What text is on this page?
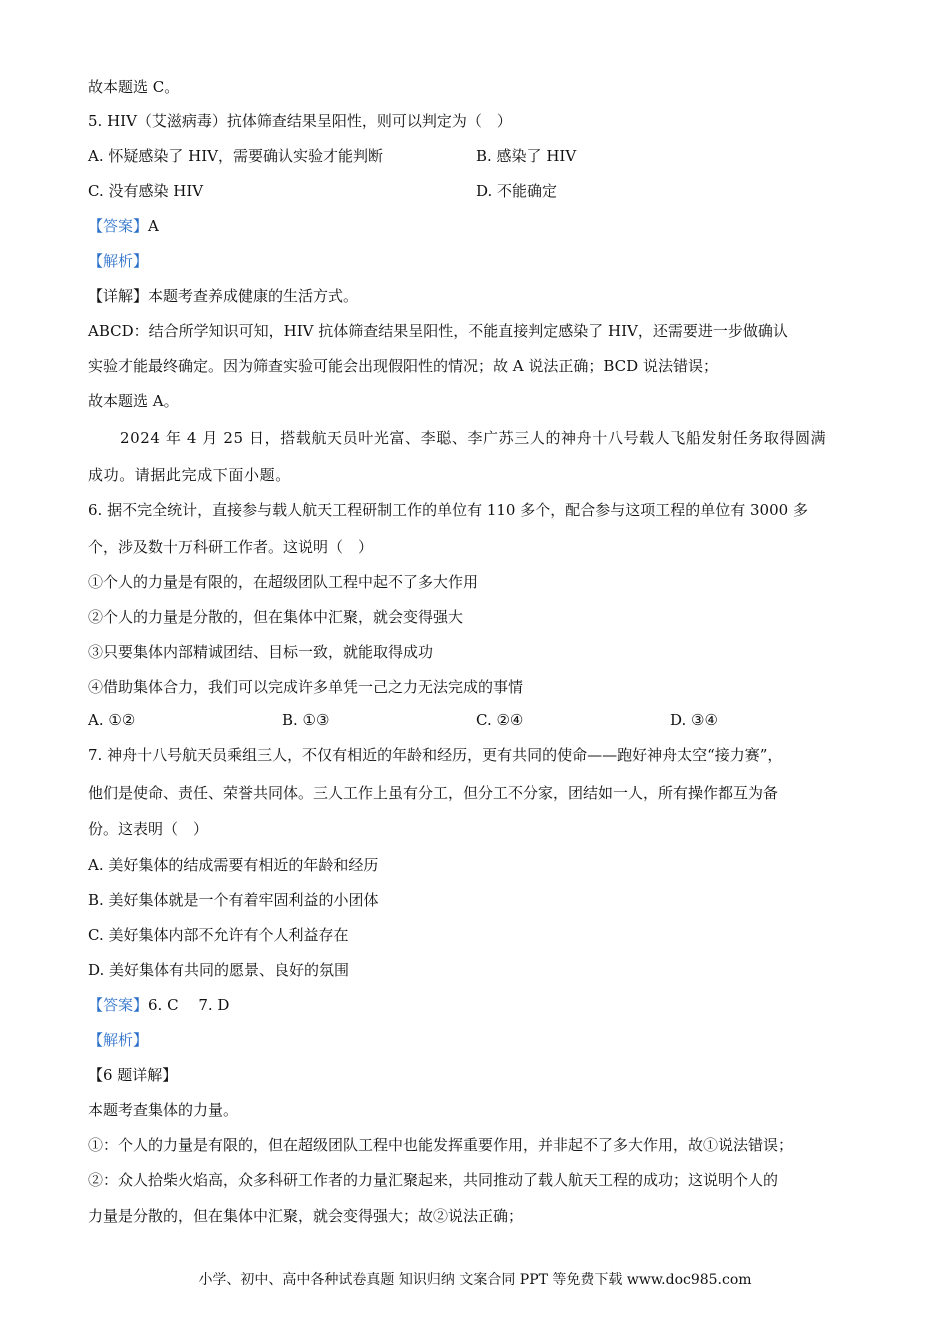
故本题选 C。
5. HIV（艾滋病毒）抗体筛查结果呈阳性，则可以判定为（　）
A. 怀疑感染了 HIV，需要确认实验才能判断	B. 感染了 HIV
C. 没有感染 HIV	D. 不能确定
【答案】A
【解析】
【详解】本题考查养成健康的生活方式。
ABCD：结合所学知识可知，HIV 抗体筛查结果呈阳性，不能直接判定感染了 HIV，还需要进一步做确认
实验才能最终确定。因为筛查实验可能会出现假阳性的情况；故 A 说法正确；BCD 说法错误；
故本题选 A。
2024 年 4 月 25 日，搭载航天员叶光富、李聪、李广苏三人的神舟十八号载人飞船发射任务取得圆满
成功。请据此完成下面小题。
6. 据不完全统计，直接参与载人航天工程研制工作的单位有 110 多个，配合参与这项工程的单位有 3000 多
个，涉及数十万科研工作者。这说明（　）
①个人的力量是有限的，在超级团队工程中起不了多大作用
②个人的力量是分散的，但在集体中汇聚，就会变得强大
③只要集体内部精诚团结、目标一致，就能取得成功
④借助集体合力，我们可以完成许多单凭一己之力无法完成的事情
A. ①②	B. ①③	C. ②④	D. ③④
7. 神舟十八号航天员乘组三人，不仅有相近的年龄和经历，更有共同的使命——跑好神舟太空“接力赛”，
他们是使命、责任、荣誉共同体。三人工作上虽有分工，但分工不分家，团结如一人，所有操作都互为备
份。这表明（　）
A. 美好集体的结成需要有相近的年龄和经历
B. 美好集体就是一个有着牢固利益的小团体
C. 美好集体内部不允许有个人利益存在
D. 美好集体有共同的愿景、良好的氛围
【答案】6. C　 7. D
【解析】
【6 题详解】
本题考查集体的力量。
①：个人的力量是有限的，但在超级团队工程中也能发挥重要作用，并非起不了多大作用，故①说法错误；
②：众人拾柴火焰高，众多科研工作者的力量汇聚起来，共同推动了载人航天工程的成功；这说明个人的
力量是分散的，但在集体中汇聚，就会变得强大；故②说法正确；
小学、初中、高中各种试卷真题 知识归纳 文案合同 PPT 等免费下载 www.doc985.com
